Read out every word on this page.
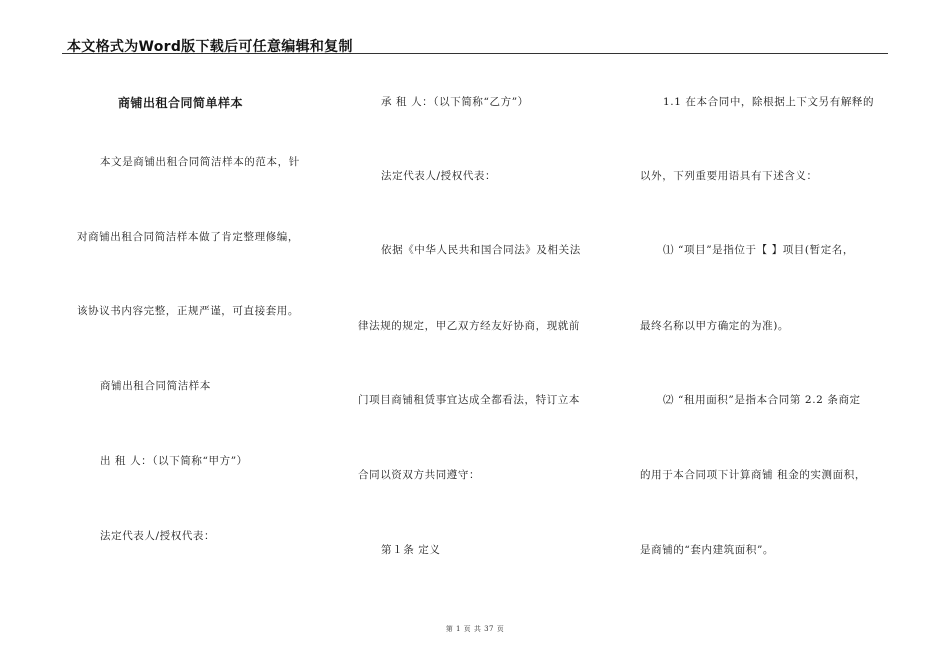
本文格式为Word版下载后可任意编辑和复制
商铺出租合同简单样本
本文是商铺出租合同简洁样本的范本，针
对商铺出租合同简洁样本做了肯定整理修编，
该协议书内容完整，正规严谨，可直接套用。
商铺出租合同简洁样本
出 租 人：（以下简称“甲方”）
法定代表人/授权代表：
承 租 人：（以下简称“乙方”）
法定代表人/授权代表：
依据《中华人民共和国合同法》及相关法
律法规的规定，甲乙双方经友好协商，现就前
门项目商铺租赁事宜达成全都看法，特订立本
合同以资双方共同遵守：
第１条 定义
1.1 在本合同中，除根据上下文另有解释的
以外，下列重要用语具有下述含义：
⑴ “项目”是指位于【 】项目(暂定名，
最终名称以甲方确定的为准)。
⑵ “租用面积”是指本合同第 2.2 条商定
的用于本合同项下计算商铺 租金的实测面积，
是商铺的“套内建筑面积”。
第 1 页 共 37 页
